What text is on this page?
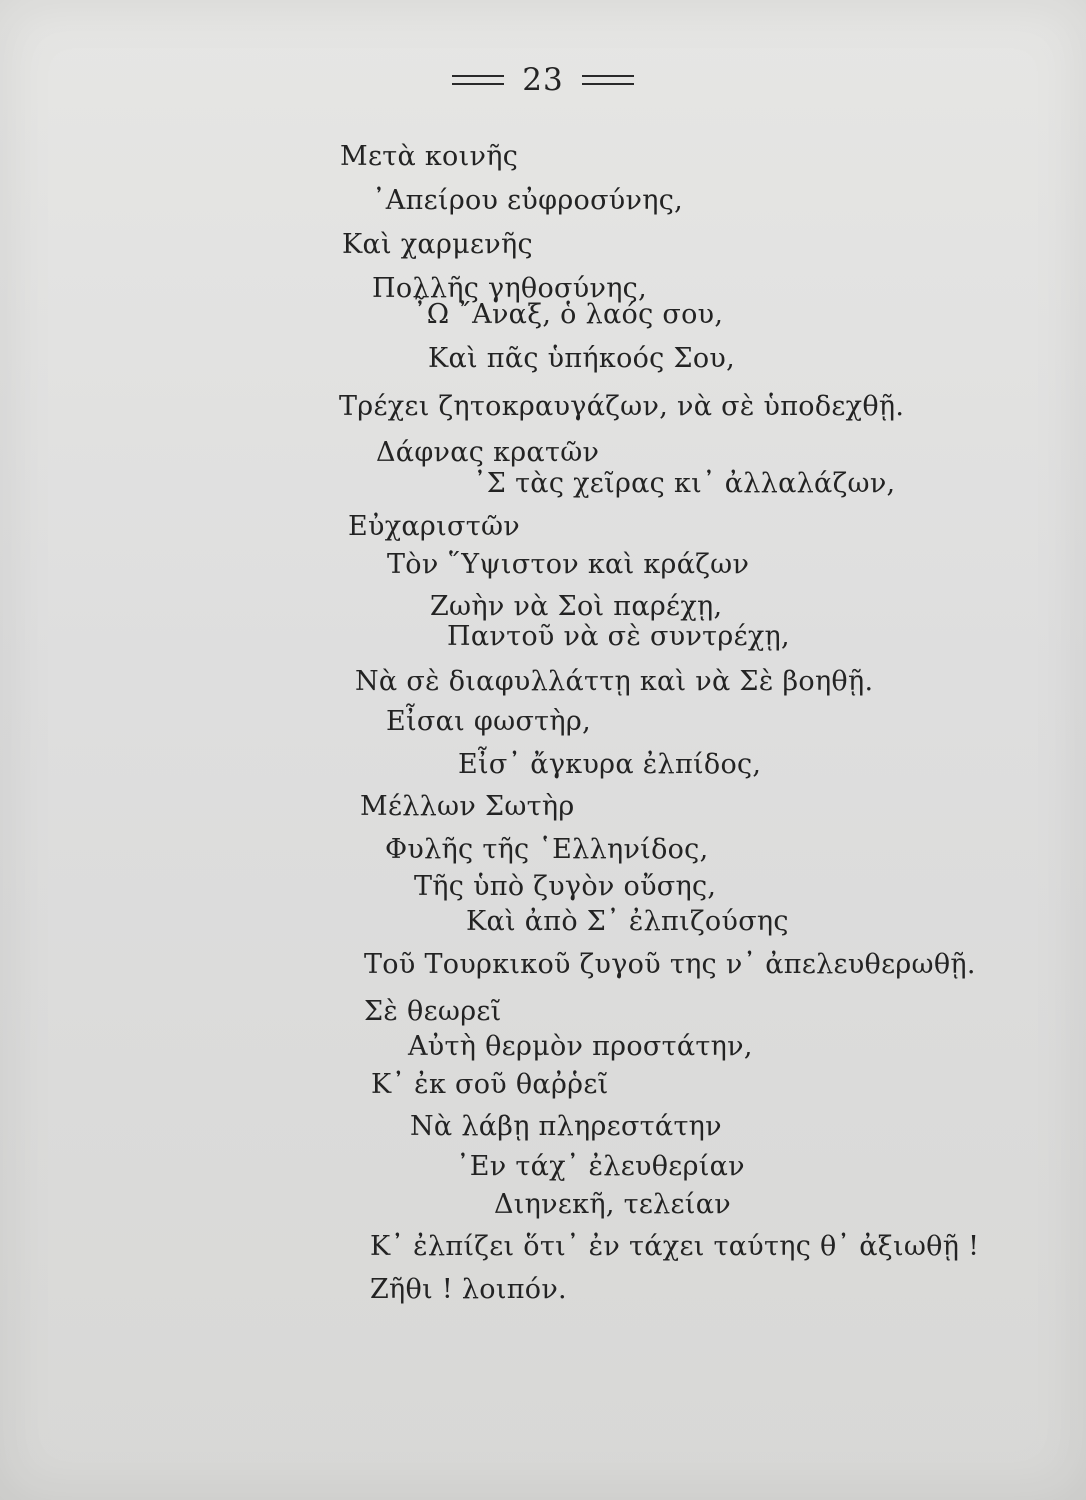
23
Μετὰ κοινῆς
᾽Απείρου εὐφροσύνης,
Καὶ χαρμενῆς
Πολλῆς γηθοσύνης,
῏Ω ῎Αναξ, ὁ λαός σου,
Καὶ πᾶς ὑπήκοός Σου,
Τρέχει ζητοκραυγάζων, νὰ σὲ ὑποδεχθῇ.
Δάφνας κρατῶν
᾽Σ τὰς χεῖρας κι᾽ ἀλλαλάζων,
Εὐχαριστῶν
Τὸν ῞Υψιστον καὶ κράζων
Ζωὴν νὰ Σοὶ παρέχῃ,
Παντοῦ νὰ σὲ συντρέχῃ,
Νὰ σὲ διαφυλλάττῃ καὶ νὰ Σὲ βοηθῇ.
Εἶσαι φωστὴρ,
Εἶσ᾽ ἄγκυρα ἐλπίδος,
Μέλλων Σωτὴρ
Φυλῆς τῆς ῾Ελληνίδος,
Τῆς ὑπὸ ζυγὸν οὔσης,
Καὶ ἀπὸ Σ᾽ ἐλπιζούσης
Τοῦ Τουρκικοῦ ζυγοῦ της ν᾽ ἀπελευθερωθῇ.
Σὲ θεωρεῖ
Αὐτὴ θερμὸν προστάτην,
Κ᾽ ἐκ σοῦ θαῤῥεῖ
Νὰ λάβῃ πληρεστάτην
᾽Εν τάχ᾽ ἐλευθερίαν
Διηνεκῆ, τελείαν
Κ᾽ ἐλπίζει ὅτι᾽ ἐν τάχει ταύτης θ᾽ ἀξιωθῇ !
Ζῆθι ! λοιπόν.
